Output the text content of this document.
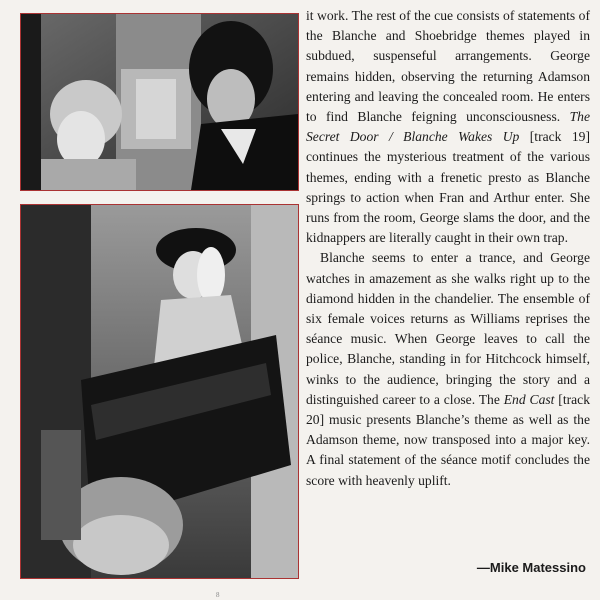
it work. The rest of the cue consists of statements of the Blanche and Shoebridge themes played in subdued, suspenseful arrangements. George remains hidden, observing the returning Adamson entering and leaving the concealed room. He enters to find Blanche feigning unconsciousness. The Secret Door / Blanche Wakes Up [track 19] continues the mysterious treatment of the various themes, ending with a frenetic presto as Blanche springs to action when Fran and Arthur enter. She runs from the room, George slams the door, and the kidnappers are literally caught in their own trap.

Blanche seems to enter a trance, and George watches in amazement as she walks right up to the diamond hidden in the chandelier. The ensemble of six female voices returns as Williams reprises the séance music. When George leaves to call the police, Blanche, standing in for Hitchcock himself, winks to the audience, bringing the story and a distinguished career to a close. The End Cast [track 20] music presents Blanche’s theme as well as the Adamson theme, now transposed into a major key. A final statement of the séance motif concludes the score with heavenly uplift.

—Mike Matessino
8
